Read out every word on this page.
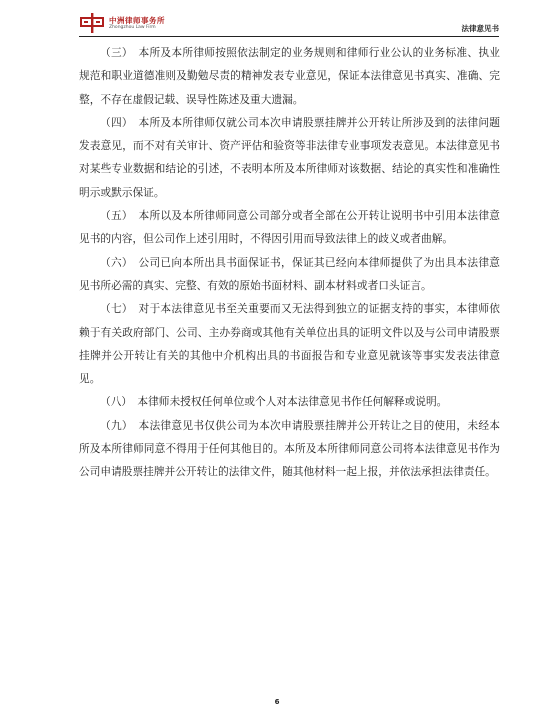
中洲律师事务所
Zhongzhou Law Firm	法律意见书

（三）　本所及本所律师按照依法制定的业务规则和律师行业公认的业务标准、执业规范和职业道德准则及勤勉尽责的精神发表专业意见，保证本法律意见书真实、准确、完整，不存在虚假记载、误导性陈述及重大遗漏。

（四）　本所及本所律师仅就公司本次申请股票挂牌并公开转让所涉及到的法律问题发表意见，而不对有关审计、资产评估和验资等非法律专业事项发表意见。本法律意见书对某些专业数据和结论的引述，不表明本所及本所律师对该数据、结论的真实性和准确性明示或默示保证。

（五）　本所以及本所律师同意公司部分或者全部在公开转让说明书中引用本法律意见书的内容，但公司作上述引用时，不得因引用而导致法律上的歧义或者曲解。

（六）　公司已向本所出具书面保证书，保证其已经向本律师提供了为出具本法律意见书所必需的真实、完整、有效的原始书面材料、副本材料或者口头证言。

（七）　对于本法律意见书至关重要而又无法得到独立的证据支持的事实，本律师依赖于有关政府部门、公司、主办券商或其他有关单位出具的证明文件以及与公司申请股票挂牌并公开转让有关的其他中介机构出具的书面报告和专业意见就该等事实发表法律意见。

（八）　本律师未授权任何单位或个人对本法律意见书作任何解释或说明。

（九）　本法律意见书仅供公司为本次申请股票挂牌并公开转让之目的使用，未经本所及本所律师同意不得用于任何其他目的。本所及本所律师同意公司将本法律意见书作为公司申请股票挂牌并公开转让的法律文件，随其他材料一起上报，并依法承担法律责任。

6
